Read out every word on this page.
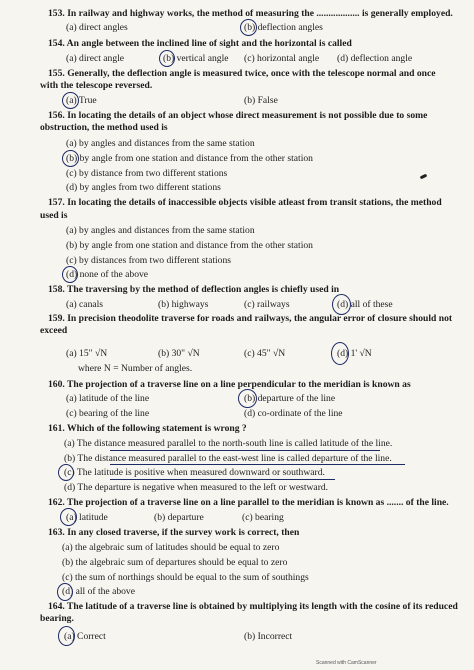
153. In railway and highway works, the method of measuring the .................. is generally employed.
(a) direct angles	(b) deflection angles
154. An angle between the inclined line of sight and the horizontal is called
(a) direct angle	(b) vertical angle (c) horizontal angle (d) deflection angle
155. Generally, the deflection angle is measured twice, once with the telescope normal and once
with the telescope reversed.
(a) True	(b) False
156. In locating the details of an object whose direct measurement is not possible due to some
obstruction, the method used is
(a) by angles and distances from the same station
(b) by angle from one station and distance from the other station
(c) by distance from two different stations
(d) by angles from two different stations
157. In locating the details of inaccessible objects visible atleast from transit stations, the method
used is
(a) by angles and distances from the same station
(b) by angle from one station and distance from the other station
(c) by distances from two different stations
(d) none of the above
158. The traversing by the method of deflection angles is chiefly used in
(a) canals	(b) highways	(c) railways	(d) all of these
159. In precision theodolite traverse for roads and railways, the angular error of closure should not
exceed
(a) 15" √N	(b) 30" √N	(c) 45" √N	(d) 1' √N
where N = Number of angles.
160. The projection of a traverse line on a line perpendicular to the meridian is known as
(a) latitude of the line	(b) departure of the line
(c) bearing of the line	(d) co-ordinate of the line
161. Which of the following statement is wrong ?
(a) The distance measured parallel to the north-south line is called latitude of the line.
(b) The distance measured parallel to the east-west line is called departure of the line.
(c) The latitude is positive when measured downward or southward.
(d) The departure is negative when measured to the left or westward.
162. The projection of a traverse line on a line parallel to the meridian is known as ....... of the line.
(a) latitude	(b) departure	(c) bearing
163. In any closed traverse, if the survey work is correct, then
(a) the algebraic sum of latitudes should be equal to zero
(b) the algebraic sum of departures should be equal to zero
(c) the sum of northings should be equal to the sum of southings
(d) all of the above
164. The latitude of a traverse line is obtained by multiplying its length with the cosine of its reduced
bearing.
(a) Correct	(b) Incorrect
Scanned with CamScanner
